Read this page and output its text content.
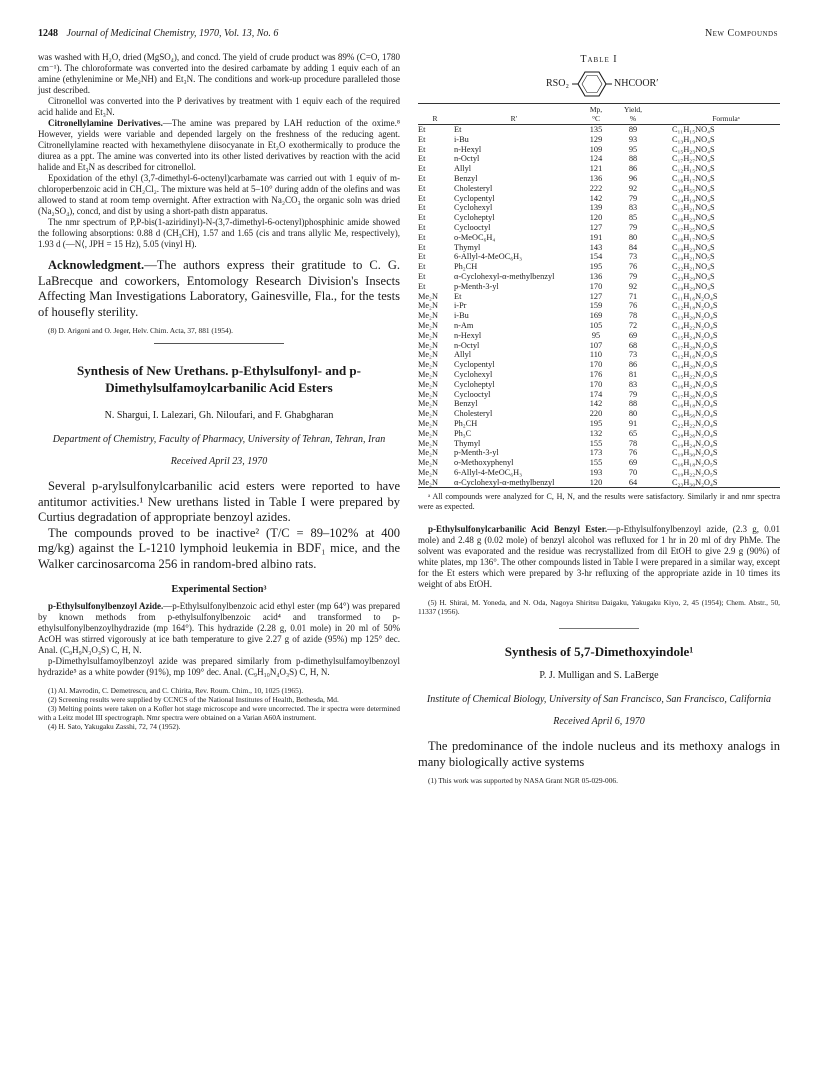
1248 Journal of Medicinal Chemistry, 1970, Vol. 13, No. 6	New Compounds

was washed with H₂O, dried (MgSO₄), and concd. The yield of crude product was 89% (C=O, 1780 cm⁻¹). The chloroformate was converted into the desired carbamate by adding 1 equiv each of an amine (ethylenimine or Me₂NH) and Et₃N. The conditions and work-up procedure paralleled those just described.

Citronellol was converted into the P derivatives by treatment with 1 equiv each of the required acid halide and Et₃N.

Citronellylamine Derivatives.—The amine was prepared by LAH reduction of the oxime.⁸ However, yields were variable and depended largely on the freshness of the reducing agent. Citronellylamine reacted with hexamethylene diisocyanate in Et₂O exothermically to produce the diurea as a ppt. The amine was converted into its other listed derivatives by reaction with the acid halide and Et₃N as described for citronellol.

Epoxidation of the ethyl (3,7-dimethyl-6-octenyl)carbamate was carried out with 1 equiv of m-chloroperbenzoic acid in CH₂Cl₂. The mixture was held at 5–10° during addn of the olefins and was allowed to stand at room temp overnight. After extraction with Na₂CO₃ the organic soln was dried (Na₂SO₄), concd, and dist by using a short-path distn apparatus.

The nmr spectrum of P,P-bis(1-aziridinyl)-N-(3,7-dimethyl-6-octenyl)phosphinic amide showed the following absorptions: 0.88 d (CH₃CH), 1.57 and 1.65 (cis and trans allylic Me, respectively), 1.93 d (—N⟨, JPH = 15 Hz), 5.05 (vinyl H).

Acknowledgment.—The authors express their gratitude to C. G. LaBrecque and coworkers, Entomology Research Division's Insects Affecting Man Investigations Laboratory, Gainesville, Fla., for the tests of housefly sterility.

(8) D. Arigoni and O. Jeger, Helv. Chim. Acta, 37, 881 (1954).

Synthesis of New Urethans. p-Ethylsulfonyl- and p-Dimethylsulfamoylcarbanilic Acid Esters
N. Shargui, I. Lalezari, Gh. Niloufari, and F. Ghabgharan
Department of Chemistry, Faculty of Pharmacy, University of Tehran, Tehran, Iran
Received April 23, 1970

Several p-arylsulfonylcarbanilic acid esters were reported to have antitumor activities.¹ New urethans listed in Table I were prepared by Curtius degradation of appropriate benzoyl azides.

The compounds proved to be inactive² (T/C = 89–102% at 400 mg/kg) against the L-1210 lymphoid leukemia in BDF₁ mice, and the Walker carcinosarcoma 256 in random-bred albino rats.

Experimental Section³

p-Ethylsulfonylbenzoyl Azide.—p-Ethylsulfonylbenzoic acid ethyl ester (mp 64°) was prepared by known methods from p-ethylsulfonylbenzoic acid⁴ and transformed to p-ethylsulfonylbenzoylhydrazide (mp 164°). This hydrazide (2.28 g, 0.01 mole) in 20 ml of 50% AcOH was stirred vigorously at ice bath temperature to give 2.27 g of azide (95%) mp 125° dec. Anal. (C₉H₉N₃O₃S) C, H, N.

p-Dimethylsulfamoylbenzoyl azide was prepared similarly from p-dimethylsulfamoylbenzoyl hydrazide⁵ as a white powder (91%), mp 109° dec. Anal. (C₉H₁₀N₄O₃S) C, H, N.

(1) Al. Mavrodin, C. Demetrescu, and C. Chirita, Rev. Roum. Chim., 10, 1025 (1965).

(2) Screening results were supplied by CCNCS of the National Institutes of Health, Bethesda, Md.

(3) Melting points were taken on a Kofler hot stage microscope and were uncorrected. The ir spectra were determined with a Leitz model III spectrograph. Nmr spectra were obtained on a Varian A60A instrument.

(4) H. Sato, Yakugaku Zasshi, 72, 74 (1952).

Table I
RSO₂	NHCOOR′
		Mp,	Yield,	
R	R′	°C	%	Formulaᵃ
Et	Et	135	89	C₁₁H₁₅NO₄S
Et	i-Bu	129	93	C₁₃H₁₉NO₄S
Et	n-Hexyl	109	95	C₁₅H₂₃NO₄S
Et	n-Octyl	124	88	C₁₇H₂₇NO₄S
Et	Allyl	121	86	C₁₂H₁₅NO₄S
Et	Benzyl	136	96	C₁₆H₁₇NO₄S
Et	Cholesteryl	222	92	C₃₆H₅₅NO₄S
Et	Cyclopentyl	142	79	C₁₄H₁₉NO₄S
Et	Cyclohexyl	139	83	C₁₅H₂₁NO₄S
Et	Cycloheptyl	120	85	C₁₆H₂₃NO₄S
Et	Cyclooctyl	127	79	C₁₇H₂₅NO₄S
Et	o-MeOC₆H₄	191	80	C₁₆H₁₇NO₅S
Et	Thymyl	143	84	C₁₉H₂₃NO₄S
Et	6-Allyl-4-MeOC₆H₃	154	73	C₁₉H₂₁NO₅S
Et	Ph₂CH	195	76	C₂₂H₂₁NO₄S
Et	α-Cyclohexyl-α-methylbenzyl	136	79	C₂₃H₂₉NO₄S
Et	p-Menth-3-yl	170	92	C₁₉H₂₉NO₄S
Me₂N	Et	127	71	C₁₁H₁₆N₂O₄S
Me₂N	i-Pr	159	76	C₁₂H₁₈N₂O₄S
Me₂N	i-Bu	169	78	C₁₃H₂₀N₂O₄S
Me₂N	n-Am	105	72	C₁₄H₂₂N₂O₄S
Me₂N	n-Hexyl	95	69	C₁₅H₂₄N₂O₄S
Me₂N	n-Octyl	107	68	C₁₇H₂₈N₂O₄S
Me₂N	Allyl	110	73	C₁₂H₁₆N₂O₄S
Me₂N	Cyclopentyl	170	86	C₁₄H₂₀N₂O₄S
Me₂N	Cyclohexyl	176	81	C₁₅H₂₂N₂O₄S
Me₂N	Cycloheptyl	170	83	C₁₆H₂₄N₂O₄S
Me₂N	Cyclooctyl	174	79	C₁₇H₂₆N₂O₄S
Me₂N	Benzyl	142	88	C₁₆H₁₈N₂O₄S
Me₂N	Cholesteryl	220	80	C₃₆H₅₆N₂O₄S
Me₂N	Ph₂CH	195	91	C₂₂H₂₂N₂O₄S
Me₂N	Ph₃C	132	65	C₂₈H₂₆N₂O₄S
Me₂N	Thymyl	155	78	C₁₉H₂₄N₂O₄S
Me₂N	p-Menth-3-yl	173	76	C₁₉H₃₀N₂O₄S
Me₂N	o-Methoxyphenyl	155	69	C₁₆H₁₈N₂O₅S
Me₂N	6-Allyl-4-MeOC₆H₃	193	70	C₁₉H₂₂N₂O₅S
Me₂N	α-Cyclohexyl-α-methylbenzyl	120	64	C₂₃H₃₀N₂O₄S
ᵃ All compounds were analyzed for C, H, N, and the results were satisfactory. Similarly ir and nmr spectra were as expected.

p-Ethylsulfonylcarbanilic Acid Benzyl Ester.—p-Ethylsulfonylbenzoyl azide, (2.3 g, 0.01 mole) and 2.48 g (0.02 mole) of benzyl alcohol was refluxed for 1 hr in 20 ml of dry PhMe. The solvent was evaporated and the residue was recrystallized from dil EtOH to give 2.9 g (90%) of white plates, mp 136°. The other compounds listed in Table I were prepared in a similar way, except for the Et esters which were prepared by 3-hr refluxing of the appropriate azide in 10 times its weight of abs EtOH.

(5) H. Shirai, M. Yoneda, and N. Oda, Nagoya Shiritsu Daigaku, Yakugaku Kiyo, 2, 45 (1954); Chem. Abstr., 50, 11337 (1956).

Synthesis of 5,7-Dimethoxyindole¹
P. J. Mulligan and S. LaBerge
Institute of Chemical Biology, University of San Francisco, San Francisco, California
Received April 6, 1970

The predominance of the indole nucleus and its methoxy analogs in many biologically active systems

(1) This work was supported by NASA Grant NGR 05-029-006.
